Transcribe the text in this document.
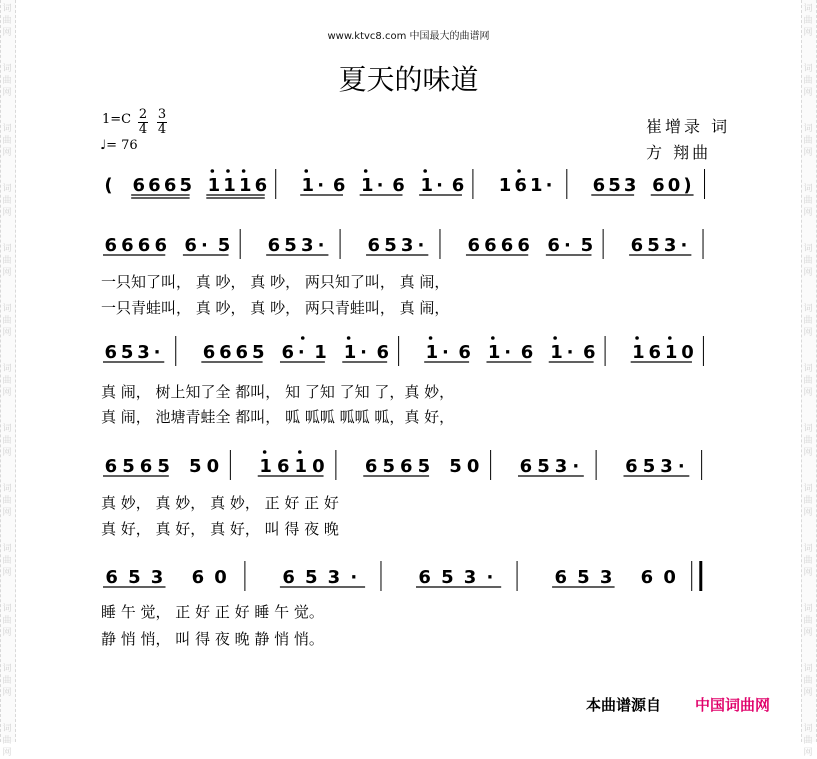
词
曲
网
词
曲
网
词
曲
网
词
曲
网
词
曲
网
词
曲
网
词
曲
网
词
曲
网
词
曲
网
词
曲
网
词
曲
网
词
曲
网
词
曲
网
词
曲
网
词
曲
网
词
曲
网
词
曲
网
词
曲
网
词
曲
网
词
曲
网
词
曲
网
词
曲
网
词
曲
网
词
曲
网
词
曲
网
词
曲
网
www.ktvc8.com 中国最大的曲谱网
夏天的味道
1=C 2
4
3
4
♩= 76
崔增录 词
方 翔曲
( 6 6 6 5 1 1 1 6 1 · 6 1 · 6 1 · 6 1 6 1 · 6 5 3 6 0 )
6 6 6 6 6 · 5 6 5 3 · 6 5 3 · 6 6 6 6 6 · 5 6 5 3 ·
6 5 3 · 6 6 6 5 6 · 1 1 · 6 1 · 6 1 · 6 1 · 6 1 6 1 0
6 5 6 5 5 0 1 6 1 0 6 5 6 5 5 0 6 5 3 ·	6 5 3 ·
6 5 3 6 0	6 5 3 ·	6 5 3 ·	6 5 3 6 0
一只知了叫， 真 吵， 真 吵， 两只知了叫， 真 闹，
一只青蛙叫， 真 吵， 真 吵， 两只青蛙叫， 真 闹，
真 闹， 树上知了全 都叫， 知 了知 了知 了，真 妙，
真 闹， 池塘青蛙全 都叫， 呱 呱呱 呱呱 呱，真 好，
真 妙， 真 妙， 真 妙， 正 好 正 好
真 好， 真 好， 真 好， 叫 得 夜 晚
睡 午 觉， 正 好 正 好 睡 午 觉。
静 悄 悄， 叫 得 夜 晚 静 悄 悄。
本曲谱源自 中国词曲网
